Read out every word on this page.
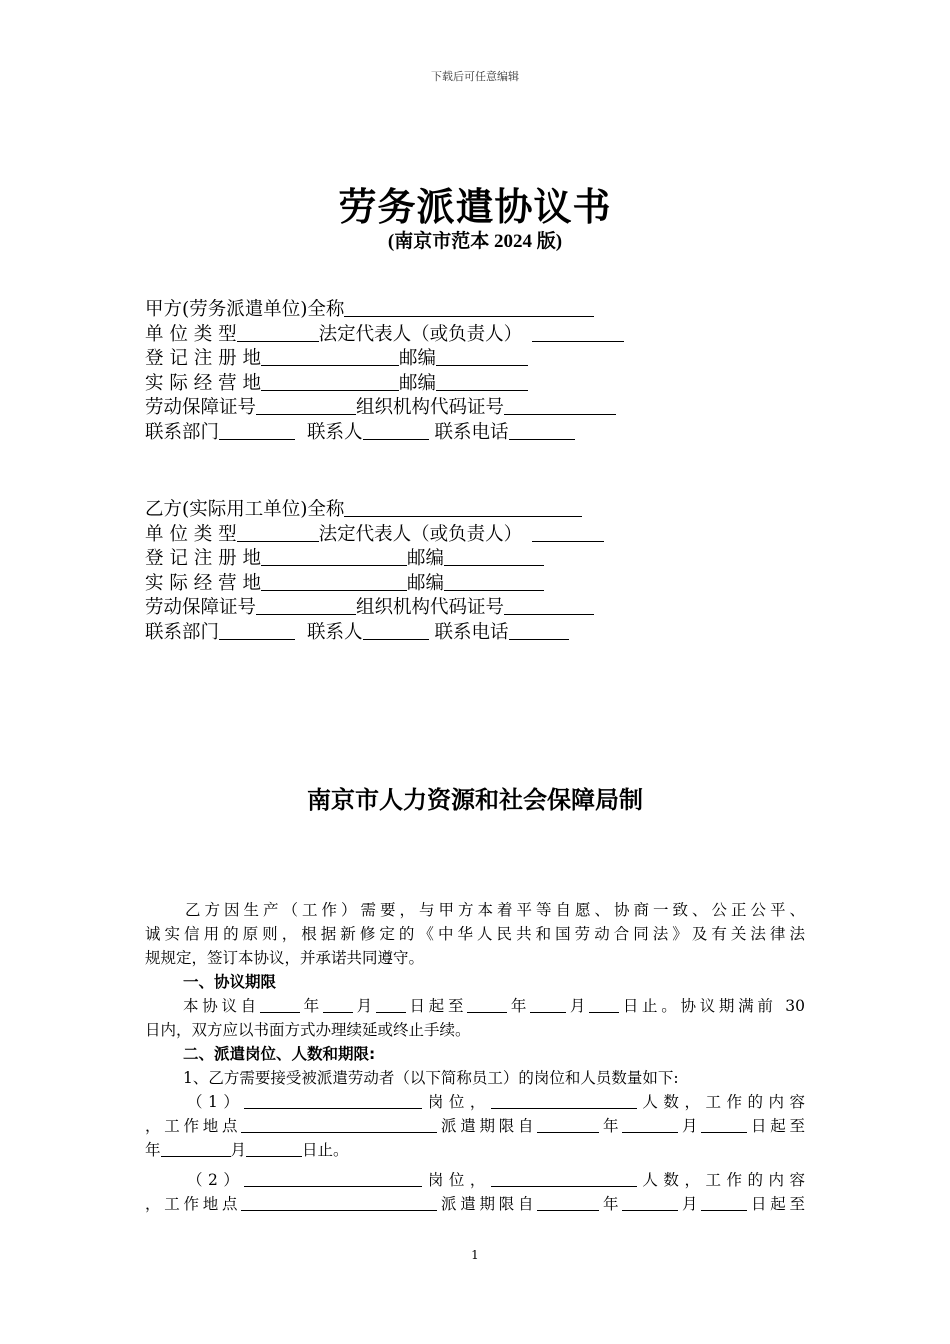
下载后可任意编辑
劳务派遣协议书
(南京市范本 2024 版)
甲方(劳务派遣单位)全称
单 位 类 型	法定代表人（或负责人）
登 记 注 册 地	邮编
实 际 经 营 地	邮编
劳动保障证号	组织机构代码证号
联系部门	联系人	联系电话
乙方(实际用工单位)全称
单 位 类 型	法定代表人（或负责人）
登 记 注 册 地	邮编
实 际 经 营 地	邮编
劳动保障证号	组织机构代码证号
联系部门	联系人	联系电话
南京市人力资源和社会保障局制
乙方因生产（工作）需要，与甲方本着平等自愿、协商一致、公正公平、
诚实信用的原则，根据新修定的《中华人民共和国劳动合同法》及有关法律法
规规定，签订本协议，并承诺共同遵守。
一、协议期限
本协议自	年 月 日起至	年 月 日止。协议期满前 30
日内，双方应以书面方式办理续延或终止手续。
二、派遣岗位、人数和期限:
1、乙方需要接受被派遣劳动者（以下简称员工）的岗位和人员数量如下:
（1）	岗位，	人数，工作的内容
，工作地点	派遣期限自	年	月	日起至
年	月	日止。
（2）	岗位，	人数，工作的内容
，工作地点	派遣期限自	年	月	日起至
1
